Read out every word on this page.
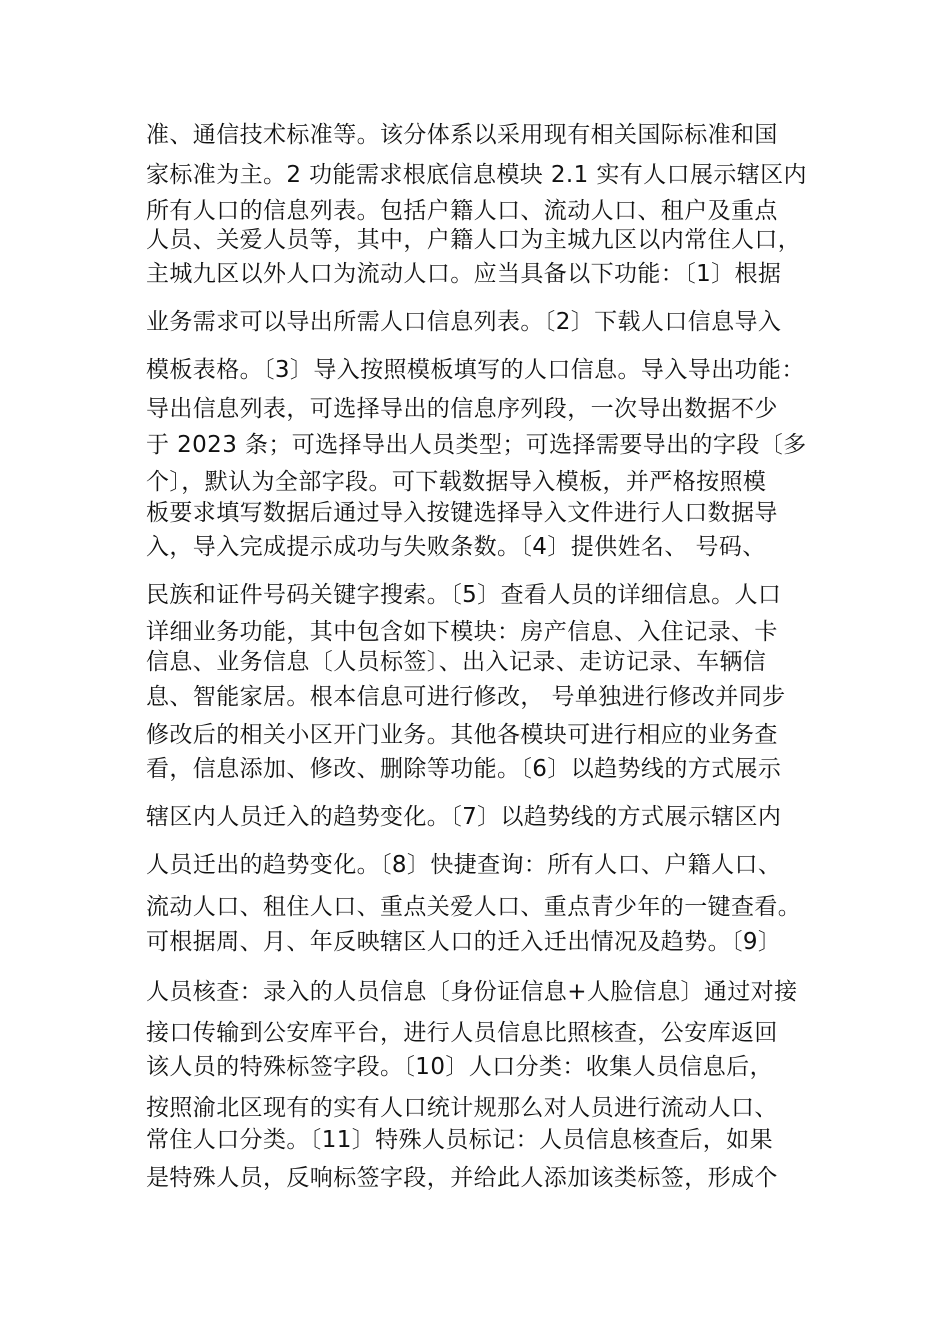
准、通信技术标准等。该分体系以采用现有相关国际标准和国
家标准为主。2 功能需求根底信息模块 2.1 实有人口展示辖区内
所有人口的信息列表。包括户籍人口、流动人口、租户及重点
人员、关爱人员等，其中，户籍人口为主城九区以内常住人口，
主城九区以外人口为流动人口。应当具备以下功能：〔1〕根据
业务需求可以导出所需人口信息列表。〔2〕下载人口信息导入
模板表格。〔3〕导入按照模板填写的人口信息。导入导出功能：
导出信息列表，可选择导出的信息序列段，一次导出数据不少
于 2023 条；可选择导出人员类型；可选择需要导出的字段〔多
个〕，默认为全部字段。可下载数据导入模板，并严格按照模
板要求填写数据后通过导入按键选择导入文件进行人口数据导
入，导入完成提示成功与失败条数。〔4〕提供姓名、 号码、
民族和证件号码关键字搜索。〔5〕查看人员的详细信息。人口
详细业务功能，其中包含如下模块：房产信息、入住记录、卡
信息、业务信息〔人员标签〕、出入记录、走访记录、车辆信
息、智能家居。根本信息可进行修改， 号单独进行修改并同步
修改后的相关小区开门业务。其他各模块可进行相应的业务查
看，信息添加、修改、删除等功能。〔6〕以趋势线的方式展示
辖区内人员迁入的趋势变化。〔7〕以趋势线的方式展示辖区内
人员迁出的趋势变化。〔8〕快捷查询：所有人口、户籍人口、
流动人口、租住人口、重点关爱人口、重点青少年的一键查看。
可根据周、月、年反映辖区人口的迁入迁出情况及趋势。〔9〕
人员核查：录入的人员信息〔身份证信息+人脸信息〕通过对接
接口传输到公安库平台，进行人员信息比照核查，公安库返回
该人员的特殊标签字段。〔10〕人口分类：收集人员信息后，
按照渝北区现有的实有人口统计规那么对人员进行流动人口、
常住人口分类。〔11〕特殊人员标记：人员信息核查后，如果
是特殊人员，反响标签字段，并给此人添加该类标签，形成个
